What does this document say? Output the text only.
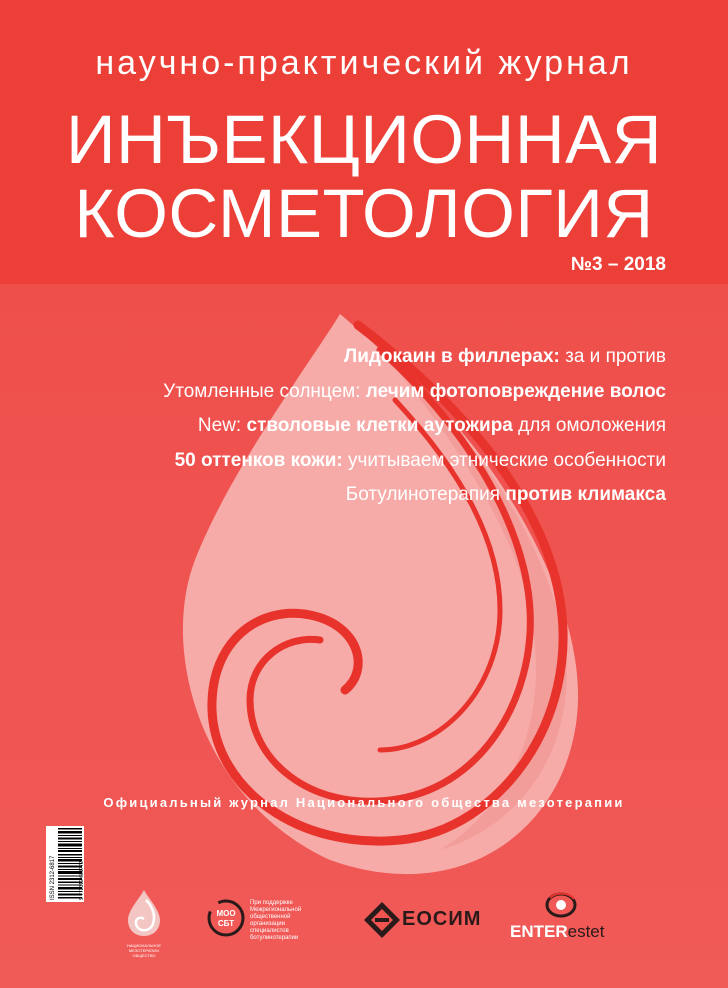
научно-практический журнал
ИНЪЕКЦИОННАЯ
КОСМЕТОЛОГИЯ
№3 – 2018
Лидокаин в филлерах: за и против
Утомленные солнцем: лечим фотоповреждение волос
New: стволовые клетки аутожира для омоложения
50 оттенков кожи: учитываем этнические особенности
Ботулинотерапия против климакса
Официальный журнал Национального общества мезотерапии
ISSN 2312-6817	9 772312 681772
НАЦИОНАЛЬНОЕ МЕЗОТЕРАПИИ ОБЩЕСТВО
МОО
СБТ
При поддержке Межрегиональной общественной организации специалистов ботулинотерапии
ЕОСИМ
ENTERestet
